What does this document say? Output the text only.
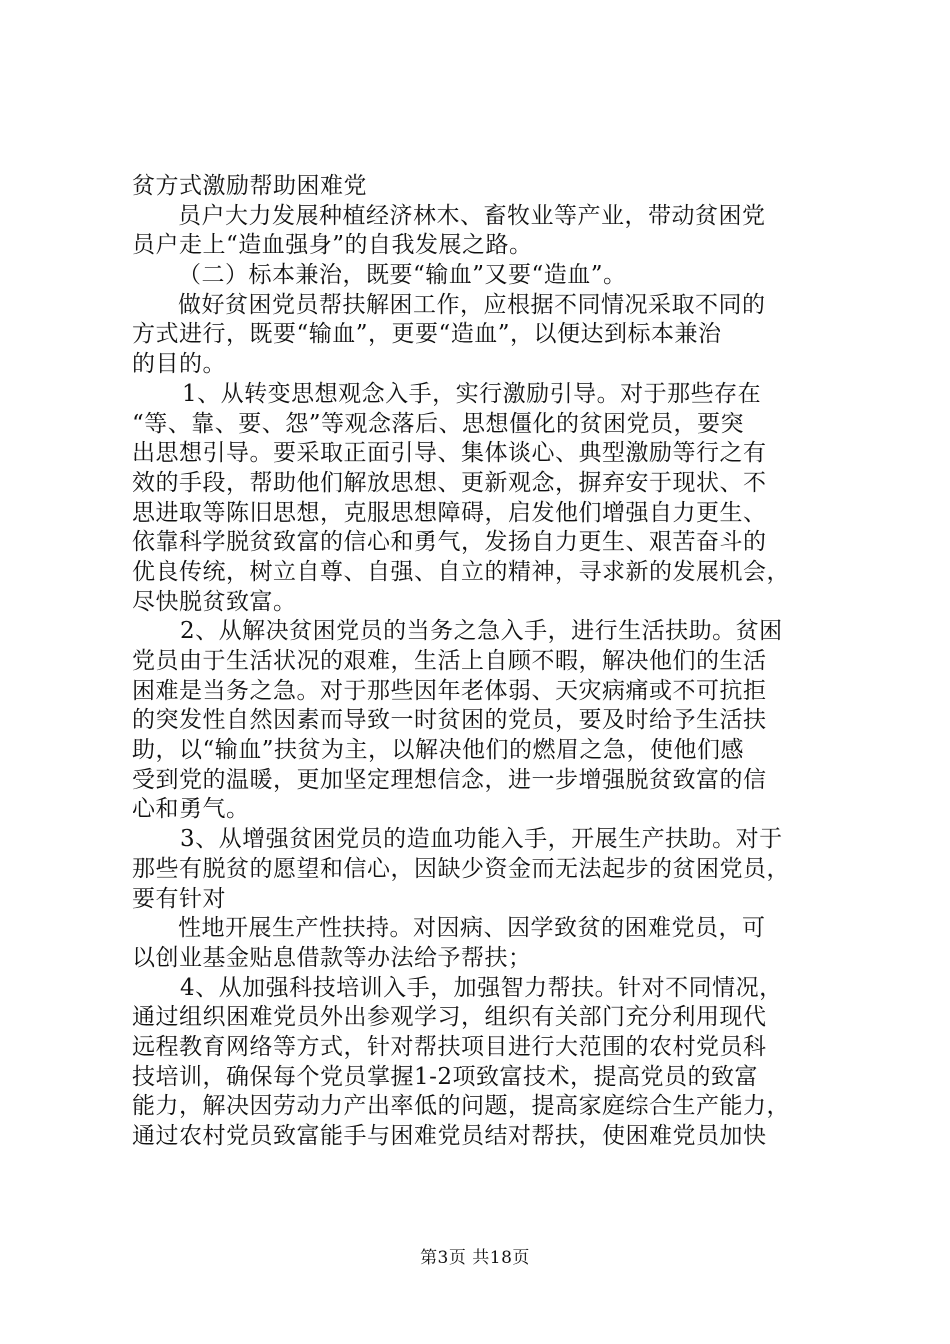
贫方式激励帮助困难党
员户大力发展种植经济林木、畜牧业等产业，带动贫困党
员户走上“造血强身”的自我发展之路。
（二）标本兼治，既要“输血”又要“造血”。
做好贫困党员帮扶解困工作，应根据不同情况采取不同的
方式进行，既要“输血”，更要“造血”，以便达到标本兼治
的目的。
1、从转变思想观念入手，实行激励引导。对于那些存在
“等、靠、要、怨”等观念落后、思想僵化的贫困党员，要突
出思想引导。要采取正面引导、集体谈心、典型激励等行之有
效的手段，帮助他们解放思想、更新观念，摒弃安于现状、不
思进取等陈旧思想，克服思想障碍，启发他们增强自力更生、
依靠科学脱贫致富的信心和勇气，发扬自力更生、艰苦奋斗的
优良传统，树立自尊、自强、自立的精神，寻求新的发展机会，
尽快脱贫致富。
2、从解决贫困党员的当务之急入手，进行生活扶助。贫困
党员由于生活状况的艰难，生活上自顾不暇，解决他们的生活
困难是当务之急。对于那些因年老体弱、天灾病痛或不可抗拒
的突发性自然因素而导致一时贫困的党员，要及时给予生活扶
助，以“输血”扶贫为主，以解决他们的燃眉之急，使他们感
受到党的温暖，更加坚定理想信念，进一步增强脱贫致富的信
心和勇气。
3、从增强贫困党员的造血功能入手，开展生产扶助。对于
那些有脱贫的愿望和信心，因缺少资金而无法起步的贫困党员，
要有针对
性地开展生产性扶持。对因病、因学致贫的困难党员，可
以创业基金贴息借款等办法给予帮扶；
4、从加强科技培训入手，加强智力帮扶。针对不同情况，
通过组织困难党员外出参观学习，组织有关部门充分利用现代
远程教育网络等方式，针对帮扶项目进行大范围的农村党员科
技培训，确保每个党员掌握1-2项致富技术，提高党员的致富
能力，解决因劳动力产出率低的问题，提高家庭综合生产能力，
通过农村党员致富能手与困难党员结对帮扶，使困难党员加快
第3页 共18页
